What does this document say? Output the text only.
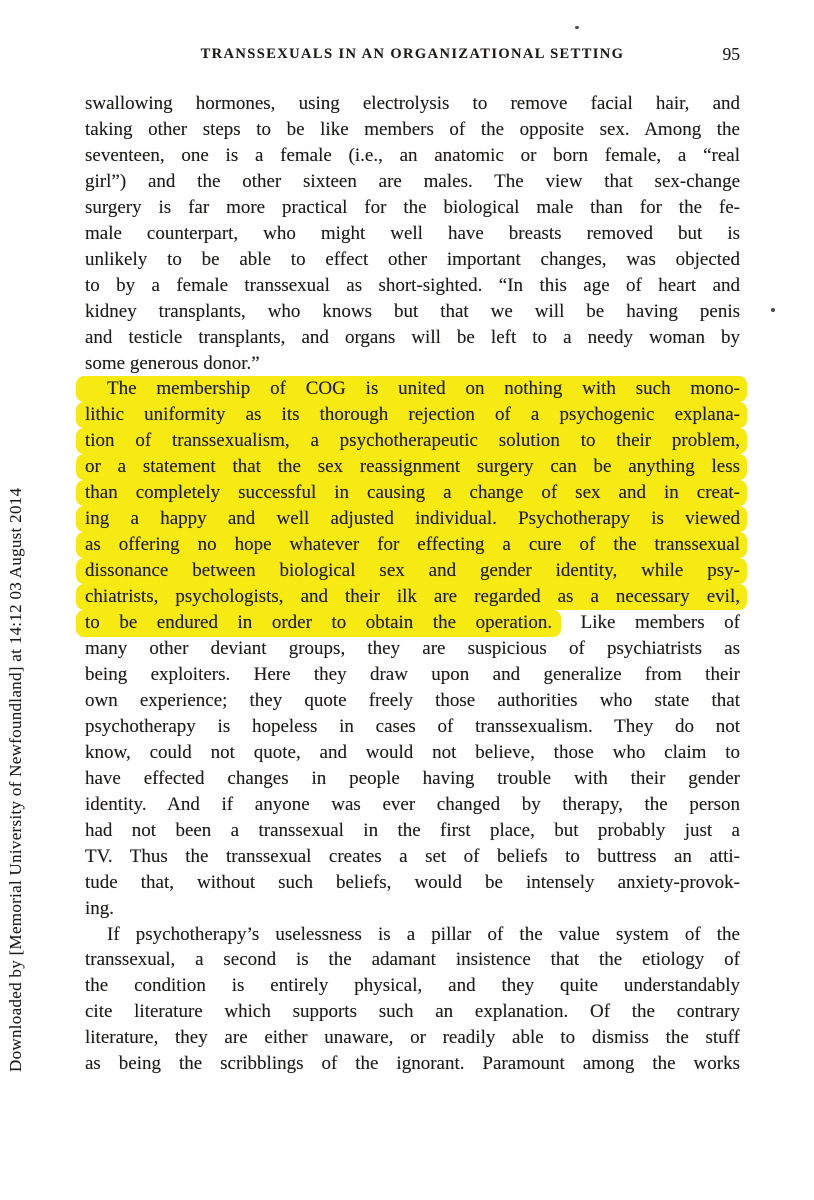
TRANSSEXUALS IN AN ORGANIZATIONAL SETTING	95
Downloaded by [Memorial University of Newfoundland] at 14:12 03 August 2014
swallowing hormones, using electrolysis to remove facial hair, and
taking other steps to be like members of the opposite sex. Among the
seventeen, one is a female (i.e., an anatomic or born female, a “real
girl”) and the other sixteen are males. The view that sex-change
surgery is far more practical for the biological male than for the fe-
male counterpart, who might well have breasts removed but is
unlikely to be able to effect other important changes, was objected
to by a female transsexual as short-sighted. “In this age of heart and
kidney transplants, who knows but that we will be having penis
and testicle transplants, and organs will be left to a needy woman by
some generous donor.”
The membership of COG is united on nothing with such mono-
lithic uniformity as its thorough rejection of a psychogenic explana-
tion of transsexualism, a psychotherapeutic solution to their problem,
or a statement that the sex reassignment surgery can be anything less
than completely successful in causing a change of sex and in creat-
ing a happy and well adjusted individual. Psychotherapy is viewed
as offering no hope whatever for effecting a cure of the transsexual
dissonance between biological sex and gender identity, while psy-
chiatrists, psychologists, and their ilk are regarded as a necessary evil,
to be endured in order to obtain the operation. Like members of
many other deviant groups, they are suspicious of psychiatrists as
being exploiters. Here they draw upon and generalize from their
own experience; they quote freely those authorities who state that
psychotherapy is hopeless in cases of transsexualism. They do not
know, could not quote, and would not believe, those who claim to
have effected changes in people having trouble with their gender
identity. And if anyone was ever changed by therapy, the person
had not been a transsexual in the first place, but probably just a
TV. Thus the transsexual creates a set of beliefs to buttress an atti-
tude that, without such beliefs, would be intensely anxiety-provok-
ing.
If psychotherapy’s uselessness is a pillar of the value system of the
transsexual, a second is the adamant insistence that the etiology of
the condition is entirely physical, and they quite understandably
cite literature which supports such an explanation. Of the contrary
literature, they are either unaware, or readily able to dismiss the stuff
as being the scribblings of the ignorant. Paramount among the works
